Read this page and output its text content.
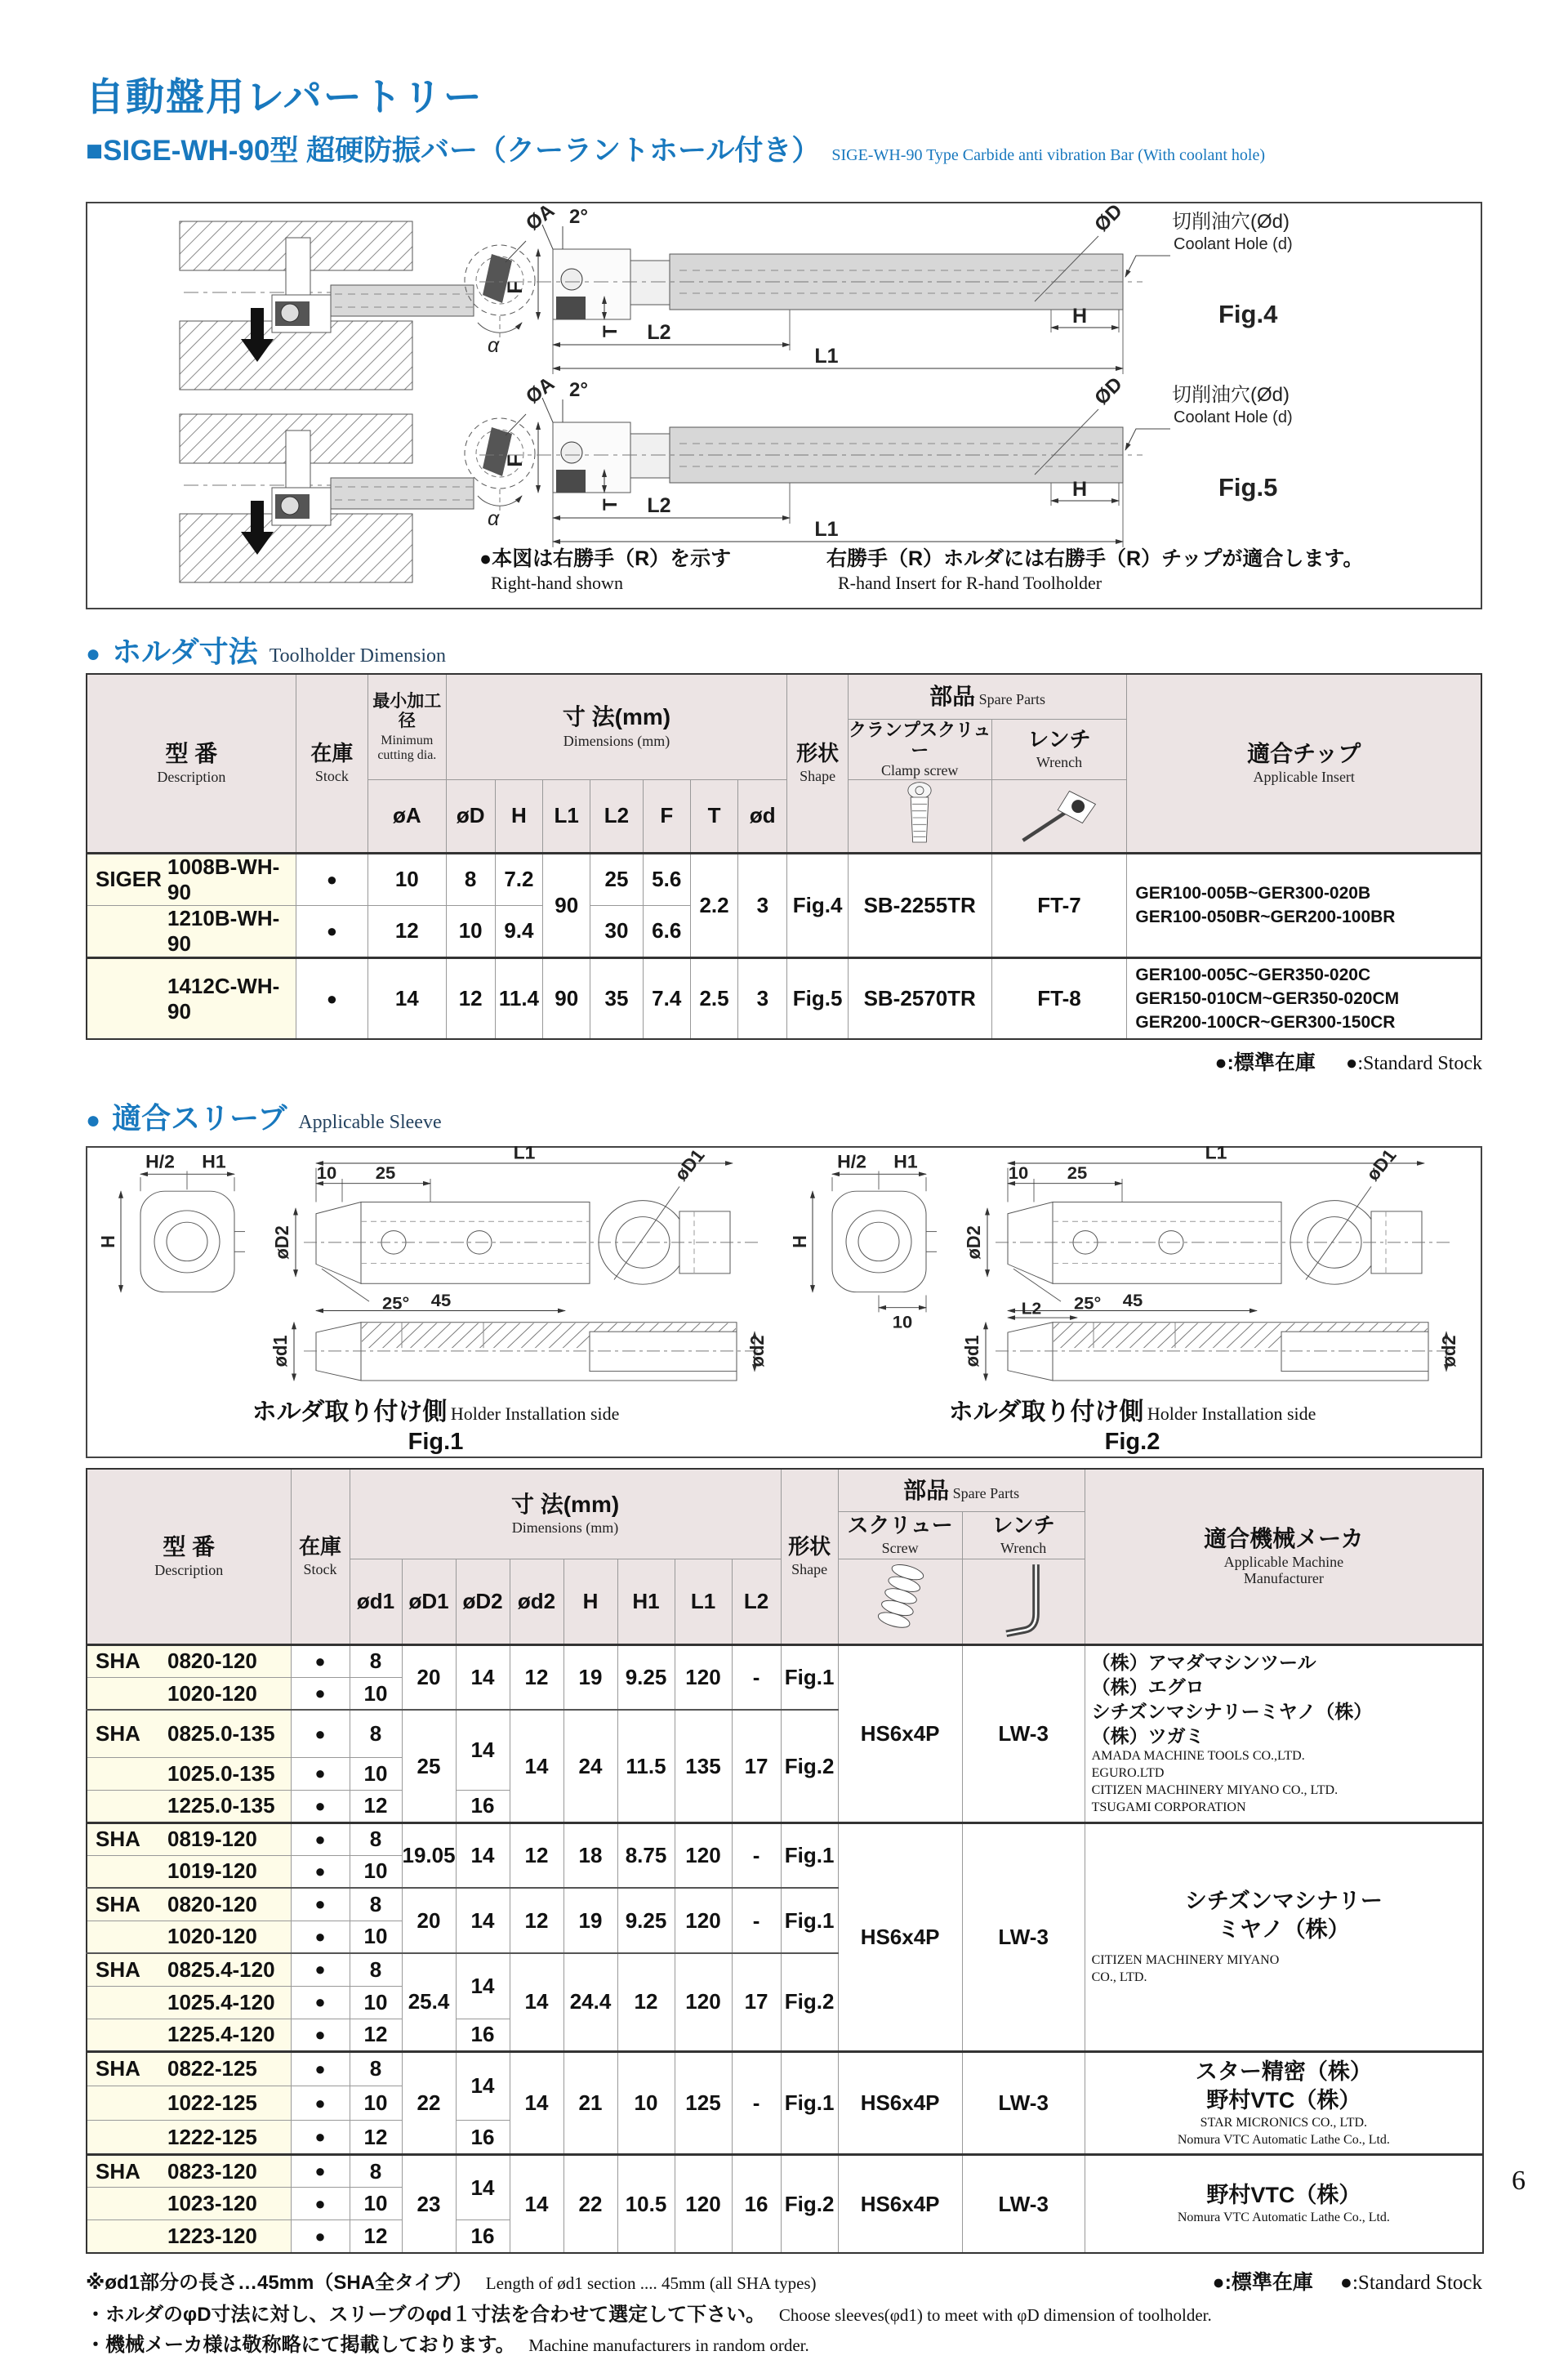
自動盤用レパートリー
■SIGE-WH-90型 超硬防振バー（クーラントホール付き） SIGE-WH-90 Type Carbide anti vibration Bar (With coolant hole)
ØA
α
F
2°
T L2
L1
H
ØD 切削油穴(Ød)
Coolant Hole (d)
Fig.4
Fig.5
●本図は右勝手（R）を示す
Right-hand shown
右勝手（R）ホルダには右勝手（R）チップが適合します。
R-hand Insert for R-hand Toolholder
● ホルダ寸法 Toolholder Dimension
型 番
Description	在庫
Stock	最小加工径
Minimum
cutting dia.	寸 法(mm)
Dimensions (mm)							形状
Shape	部品 Spare Parts		適合チップ
Applicable Insert

											クランプスクリュー
Clamp screw	レンチ
Wrench	

		øA	øD	H	L1	L2	F	T	ød		

SIGER
1008B-WH-90	●	10	8	7.2	90	25	5.6	2.2	3	Fig.4	SB-2255TR	FT-7	GER100-005B~GER300-020B
GER100-050BR~GER200-100BR

1210B-WH-90	●	12	10	9.4		30	6.6						

1412C-WH-90	●	14	12	11.4	90	35	7.4	2.5	3	Fig.5	SB-2570TR	FT-8	GER100-005C~GER350-020C
GER150-010CM~GER350-020CM
GER200-100CR~GER300-150CR
●:標準在庫 ●:Standard Stock
● 適合スリーブ Applicable Sleeve
H/2 H1
H
L1
10 25
øD2
øD1
25° 45
ød1	ød2
10
L2
ホルダ取り付け側 Holder Installation side
Fig.1
ホルダ取り付け側 Holder Installation side
Fig.2
型 番
Description	在庫
Stock	寸 法(mm)
Dimensions (mm)								形状
Shape	部品 Spare Parts		適合機械メーカ
Applicable Machine
Manufacturer

											スクリュー
Screw	レンチ
Wrench	

		ød1	øD1	øD2	ød2	H	H1	L1	L2		

SHA	0820-120	●	8	20	14	12	19	9.25	120	-	Fig.1	HS6x4P	LW-3	
（株）アマダマシンツール
（株）エグロ
シチズンマシナリーミヤノ（株）
（株）ツガミ
AMADA MACHINE TOOLS CO.,LTD.
EGURO.LTD
CITIZEN MACHINERY MIYANO CO., LTD.
TSUGAMI CORPORATION

1020-120	●	10											

SHA 0825.0-135	●	8	25	14	14	24	11.5	135	17	Fig.2			

1025.0-135	●	10											

1225.0-135	●	12		16									

SHA 0819-120	●	8	19.05	14	12	18	8.75	120	-	Fig.1	HS6x4P	LW-3	シチズンマシナリー
ミヤノ（株）
CITIZEN MACHINERY MIYANO
CO., LTD.

1019-120	●	10											

SHA 0820-120	●	8	20	14	12	19	9.25	120	-	Fig.1			

1020-120	●	10											

SHA 0825.4-120	●	8	25.4	14	14	24.4	12	120	17	Fig.2			

1025.4-120	●	10											

1225.4-120	●	12		16									

SHA 0822-125	●	8	22	14	14	21	10	125	-	Fig.1	HS6x4P	LW-3	スター精密（株）
野村VTC（株）
STAR MICRONICS CO., LTD.
Nomura VTC Automatic Lathe Co., Ltd.

1022-125	●	10											

1222-125	●	12		16									

SHA 0823-120	●	8	23	14	14	22	10.5	120	16	Fig.2	HS6x4P	LW-3	野村VTC（株）
Nomura VTC Automatic Lathe Co., Ltd.

1023-120	●	10											

1223-120	●	12		16									
※ød1部分の長さ…45mm（SHA全タイプ） Length of ød1 section .... 45mm (all SHA types)	●:標準在庫 ●:Standard Stock
・ホルダのφD寸法に対し、スリーブのφd１寸法を合わせて選定して下さい。 Choose sleeves(φd1) to meet with φD dimension of toolholder.
・機械メーカ様は敬称略にて掲載しております。 Machine manufacturers in random order.
6
